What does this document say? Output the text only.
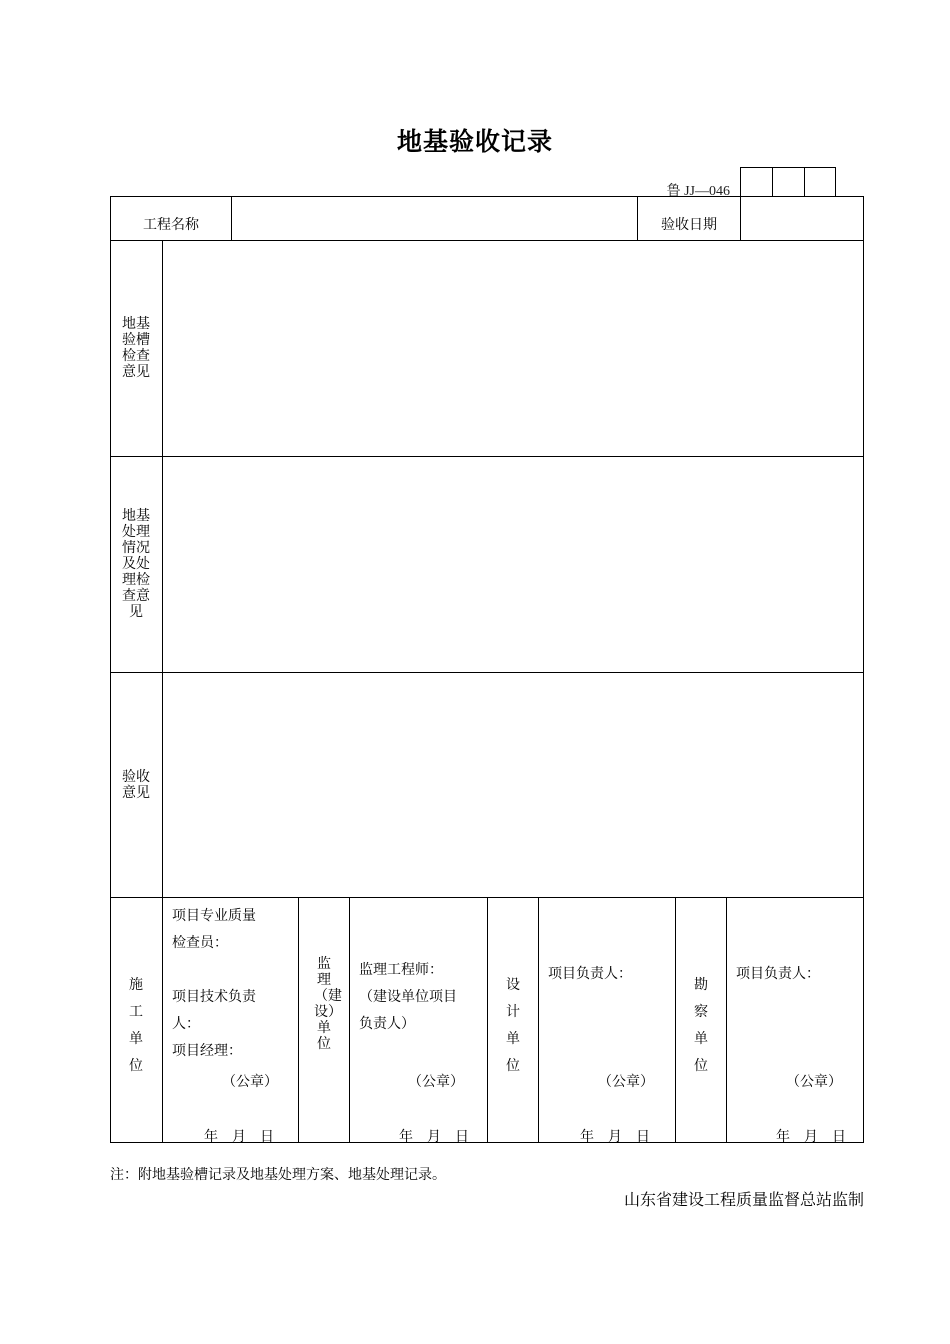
地基验收记录
鲁 JJ—046
工程名称	验收日期
地基验槽检查意见
地基处理情况及处理检查意见
验收意见
施工单位
项目专业质量
检查员：
项目技术负责
人：
项目经理：
（公章）
年　月　日
监理（建设）单位
监理工程师：
（建设单位项目
负责人）
（公章）
年　月　日
设计单位
项目负责人：
（公章）
年　月　日
勘察单位
项目负责人：
（公章）
年　月　日
注：附地基验槽记录及地基处理方案、地基处理记录。
山东省建设工程质量监督总站监制
